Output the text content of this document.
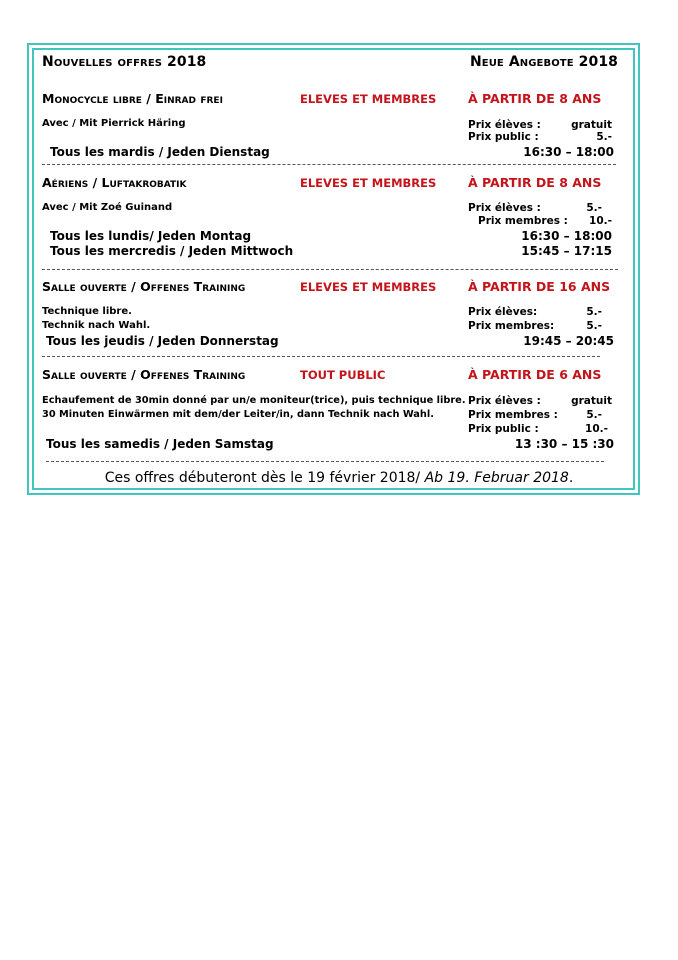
Nouvelles offres 2018	Neue Angebote 2018
Monocycle libre / Einrad frei	ELEVES ET MEMBRES	À PARTIR DE 8 ANS
Avec / Mit Pierrick Häring	Prix élèves :	gratuit
Prix public :	5.-
Tous les mardis / Jeden Dienstag	16:30 – 18:00
Aériens / Luftakrobatik	ELEVES ET MEMBRES	À PARTIR DE 8 ANS
Avec / Mit Zoé Guinand	Prix élèves :	5.-
Prix membres : 10.-
Tous les lundis/ Jeden Montag	16:30 – 18:00
Tous les mercredis / Jeden Mittwoch	15:45 – 17:15
Salle ouverte / Offenes Training	ELEVES ET MEMBRES	À PARTIR DE 16 ANS
Technique libre.
Technik nach Wahl.
Prix élèves:	5.-
Prix membres:	5.-
Tous les jeudis / Jeden Donnerstag	19:45 – 20:45
Salle ouverte / Offenes Training	TOUT PUBLIC	À PARTIR DE 6 ANS
Echaufement de 30min donné par un/e moniteur(trice), puis technique libre.
30 Minuten Einwärmen mit dem/der Leiter/in, dann Technik nach Wahl.
Prix élèves :	gratuit
Prix membres :	5.-
Prix public :	10.-
Tous les samedis / Jeden Samstag	13 :30 – 15 :30
Ces offres débuteront dès le 19 février 2018/ Ab 19. Februar 2018.
